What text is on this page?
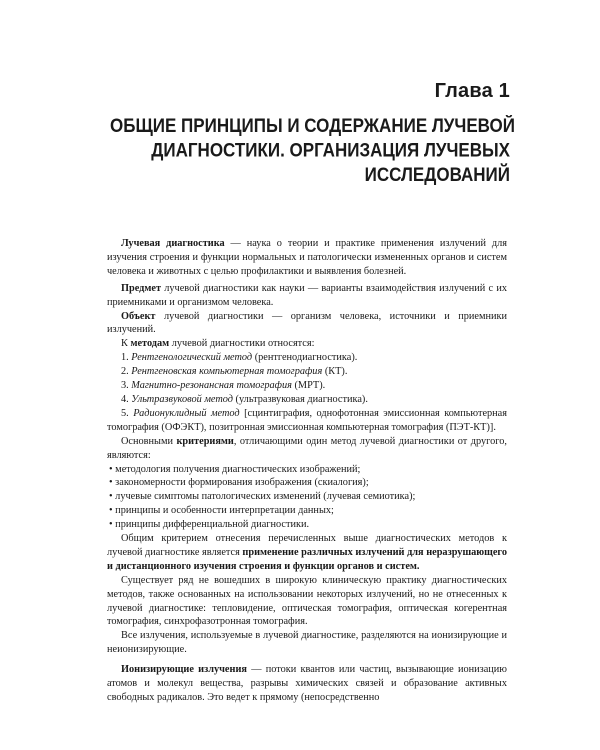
Глава 1
ОБЩИЕ ПРИНЦИПЫ И СОДЕРЖАНИЕ ЛУЧЕВОЙ
ДИАГНОСТИКИ. ОРГАНИЗАЦИЯ ЛУЧЕВЫХ
ИССЛЕДОВАНИЙ

Лучевая диагностика — наука о теории и практике применения излучений для изучения строения и функции нормальных и патологически измененных органов и систем человека и животных с целью профилактики и выявления болезней.

Предмет лучевой диагностики как науки — варианты взаимодействия излучений с их приемниками и организмом человека.

Объект лучевой диагностики — организм человека, источники и приемники излучений.

К методам лучевой диагностики относятся:

1. Рентгенологический метод (рентгенодиагностика).

2. Рентгеновская компьютерная томография (КТ).

3. Магнитно-резонансная томография (МРТ).

4. Ультразвуковой метод (ультразвуковая диагностика).

5. Радионуклидный метод [сцинтиграфия, однофотонная эмиссионная компьютерная томография (ОФЭКТ), позитронная эмиссионная компьютерная томография (ПЭТ-КТ)].

Основными критериями, отличающими один метод лучевой диагностики от другого, являются:

• методология получения диагностических изображений;

• закономерности формирования изображения (скиалогия);

• лучевые симптомы патологических изменений (лучевая семиотика);

• принципы и особенности интерпретации данных;

• принципы дифференциальной диагностики.

Общим критерием отнесения перечисленных выше диагностических методов к лучевой диагностике является применение различных излучений для неразрушающего и дистанционного изучения строения и функции органов и систем.

Существует ряд не вошедших в широкую клиническую практику диагностических методов, также основанных на использовании некоторых излучений, но не отнесенных к лучевой диагностике: тепловидение, оптическая томография, оптическая когерентная томография, синхрофазотронная томография.

Все излучения, используемые в лучевой диагностике, разделяются на ионизирующие и неионизирующие.

Ионизирующие излучения — потоки квантов или частиц, вызывающие ионизацию атомов и молекул вещества, разрывы химических связей и образование активных свободных радикалов. Это ведет к прямому (непосредственно
